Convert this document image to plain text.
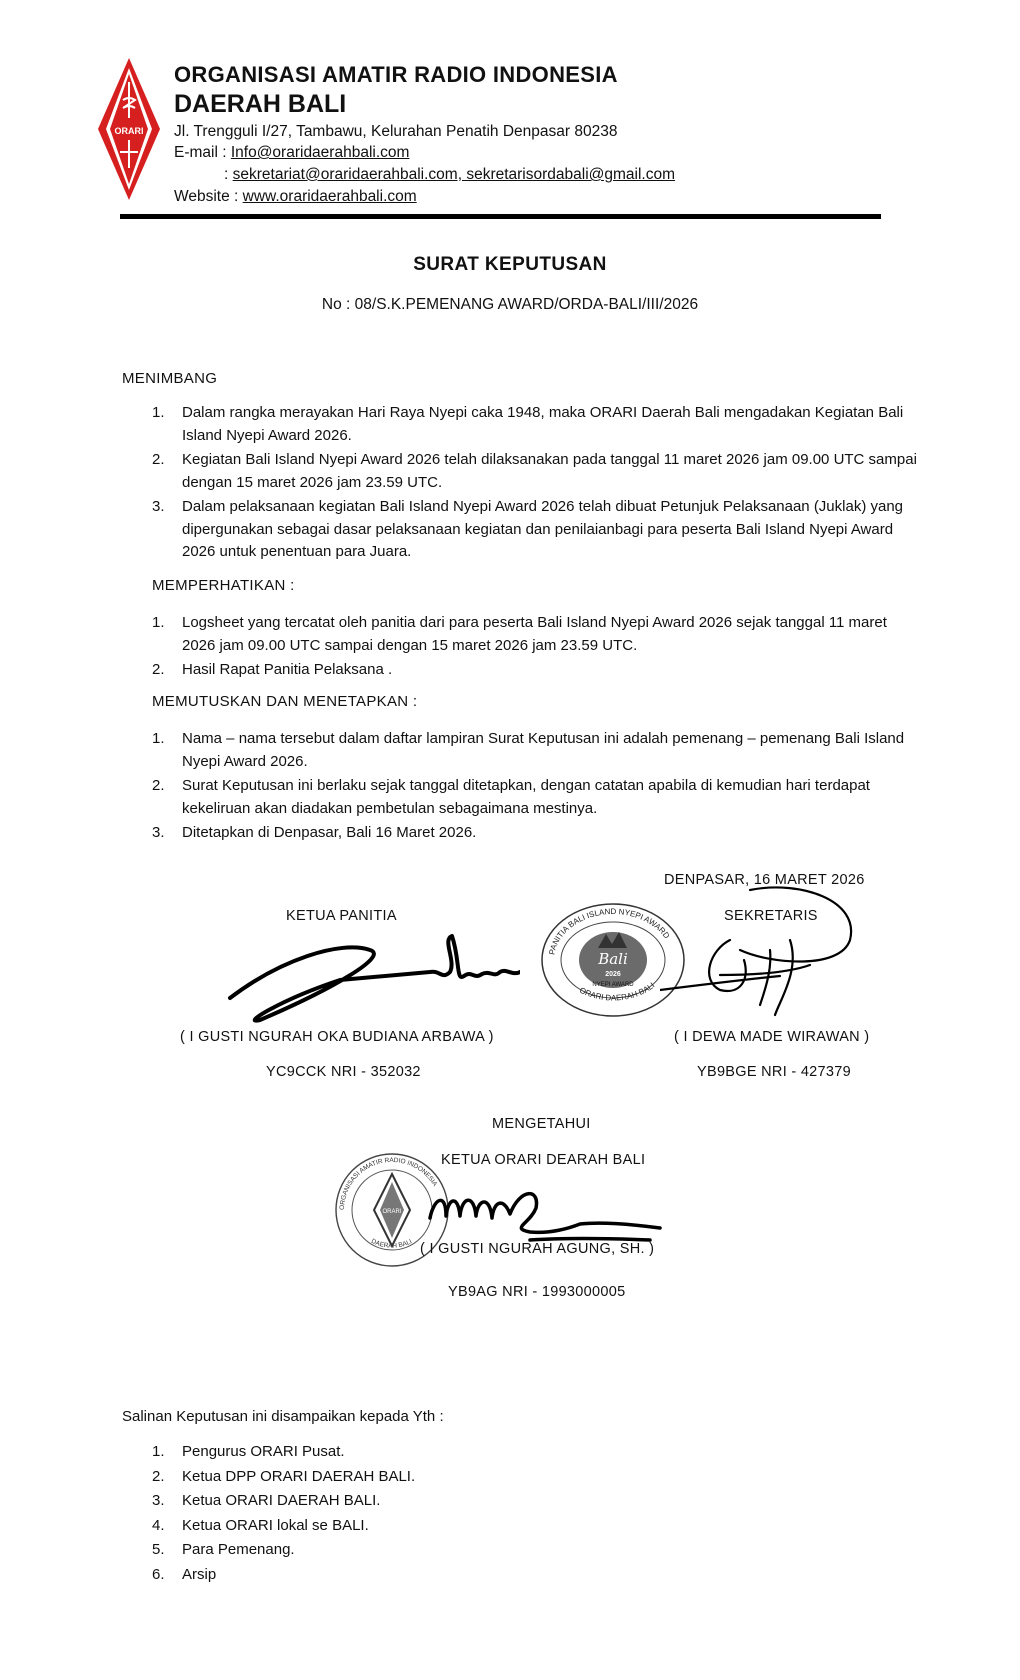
ORARI
ORGANISASI AMATIR RADIO INDONESIA
DAERAH BALI
Jl. Trengguli I/27, Tambawu, Kelurahan Penatih Denpasar 80238
E-mail : Info@oraridaerahbali.com
: sekretariat@oraridaerahbali.com, sekretarisordabali@gmail.com
Website : www.oraridaerahbali.com
SURAT KEPUTUSAN
No : 08/S.K.PEMENANG AWARD/ORDA-BALI/III/2026
MENIMBANG
1. Dalam rangka merayakan Hari Raya Nyepi caka 1948, maka ORARI Daerah Bali mengadakan Kegiatan Bali Island Nyepi Award 2026.
2. Kegiatan Bali Island Nyepi Award 2026 telah dilaksanakan pada tanggal 11 maret 2026 jam 09.00 UTC sampai dengan 15 maret 2026 jam 23.59 UTC.
3. Dalam pelaksanaan kegiatan Bali Island Nyepi Award 2026 telah dibuat Petunjuk Pelaksanaan (Juklak) yang dipergunakan sebagai dasar pelaksanaan kegiatan dan penilaianbagi para peserta Bali Island Nyepi Award 2026 untuk penentuan para Juara.
MEMPERHATIKAN :
1. Logsheet yang tercatat oleh panitia dari para peserta Bali Island Nyepi Award 2026 sejak tanggal 11 maret 2026 jam 09.00 UTC sampai dengan 15 maret 2026 jam 23.59 UTC.
2. Hasil Rapat Panitia Pelaksana .
MEMUTUSKAN DAN MENETAPKAN :
1. Nama – nama tersebut dalam daftar lampiran Surat Keputusan ini adalah pemenang – pemenang Bali Island Nyepi Award 2026.
2. Surat Keputusan ini berlaku sejak tanggal ditetapkan, dengan catatan apabila di kemudian hari terdapat kekeliruan akan diadakan pembetulan sebagaimana mestinya.
3. Ditetapkan di Denpasar, Bali 16 Maret 2026.
DENPASAR, 16 MARET 2026
KETUA PANITIA	SEKRETARIS
Bali
2026
NYEPI AWARD
PANITIA BALI ISLAND NYEPI AWARD
ORARI DAERAH BALI
( I GUSTI NGURAH OKA BUDIANA ARBAWA )	( I DEWA MADE WIRAWAN )
YC9CCK NRI - 352032	YB9BGE NRI - 427379
MENGETAHUI
KETUA ORARI DEARAH BALI
ORARI
ORGANISASI AMATIR RADIO INDONESIA
DAERAH BALI ( I GUSTI NGURAH AGUNG, SH. )
YB9AG NRI - 1993000005
Salinan Keputusan ini disampaikan kepada Yth :
1. Pengurus ORARI Pusat.
2. Ketua DPP ORARI DAERAH BALI.
3. Ketua ORARI DAERAH BALI.
4. Ketua ORARI lokal se BALI.
5. Para Pemenang.
6. Arsip
